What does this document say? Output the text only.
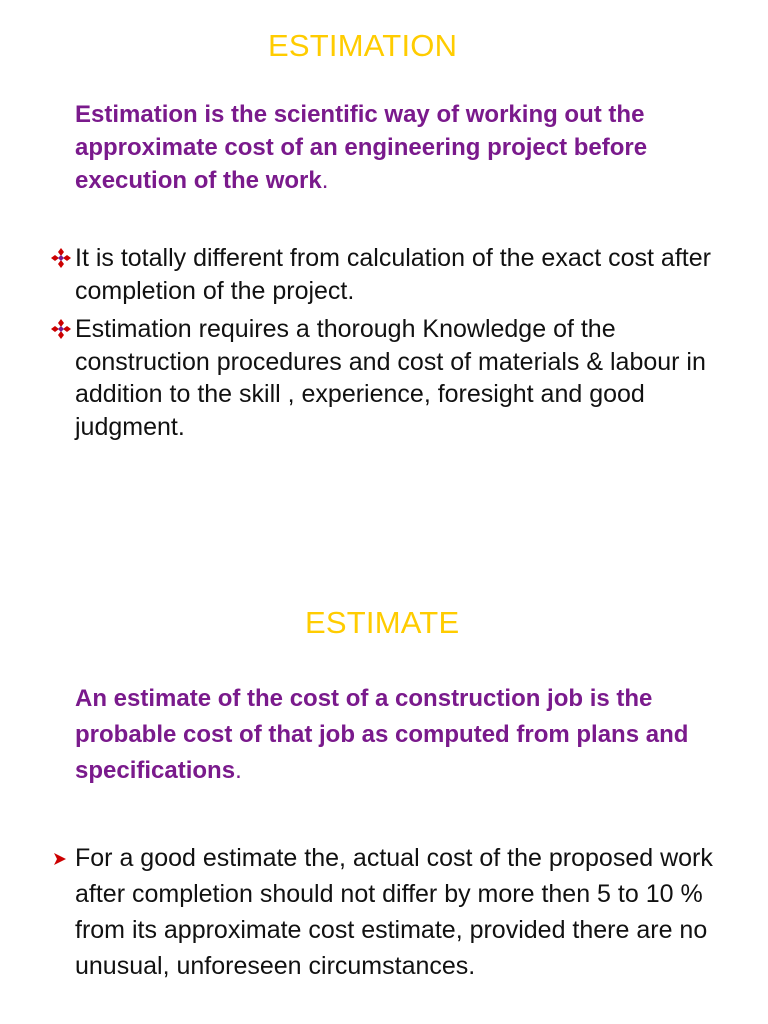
ESTIMATION

Estimation is the scientific way of working out the approximate cost of an engineering project before execution of the work.

It is totally different from calculation of the exact cost after completion of the project.
Estimation requires a thorough Knowledge of the construction procedures and cost of materials & labour in addition to the skill , experience, foresight and good judgment.
ESTIMATE

An estimate of the cost of a construction job is the probable cost of that job as computed from plans and specifications.

For a good estimate the, actual cost of the proposed work after completion should not differ by more then 5 to 10 % from its approximate cost estimate, provided there are no unusual, unforeseen circumstances.
